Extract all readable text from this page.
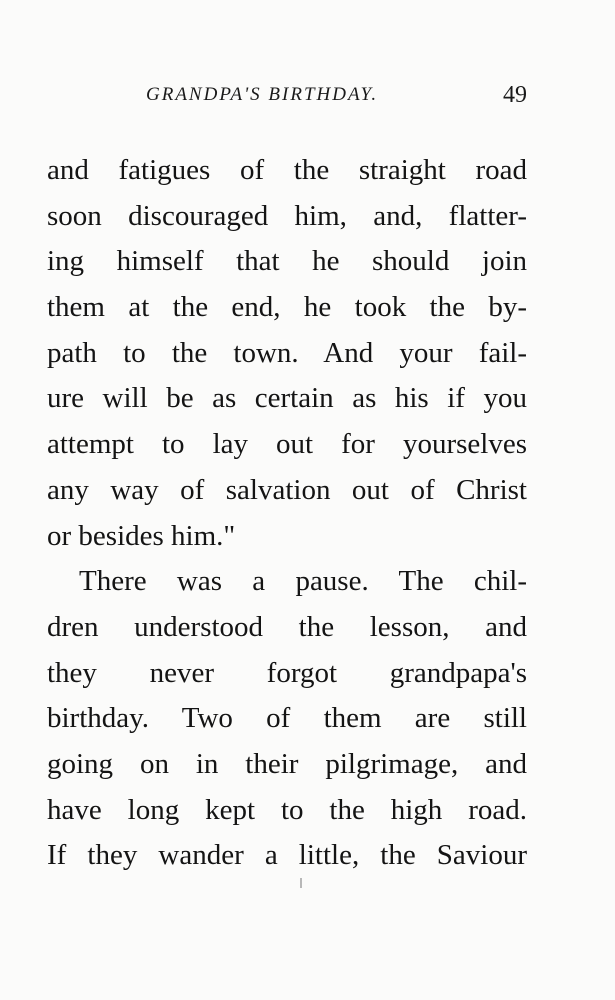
GRANDPA'S BIRTHDAY.	49
and fatigues of the straight road
soon discouraged him, and, flatter-
ing himself that he should join
them at the end, he took the by-
path to the town. And your fail-
ure will be as certain as his if you
attempt to lay out for yourselves
any way of salvation out of Christ
or besides him."
There was a pause. The chil-
dren understood the lesson, and
they never forgot grandpapa's
birthday. Two of them are still
going on in their pilgrimage, and
have long kept to the high road.
If they wander a little, the Saviour
